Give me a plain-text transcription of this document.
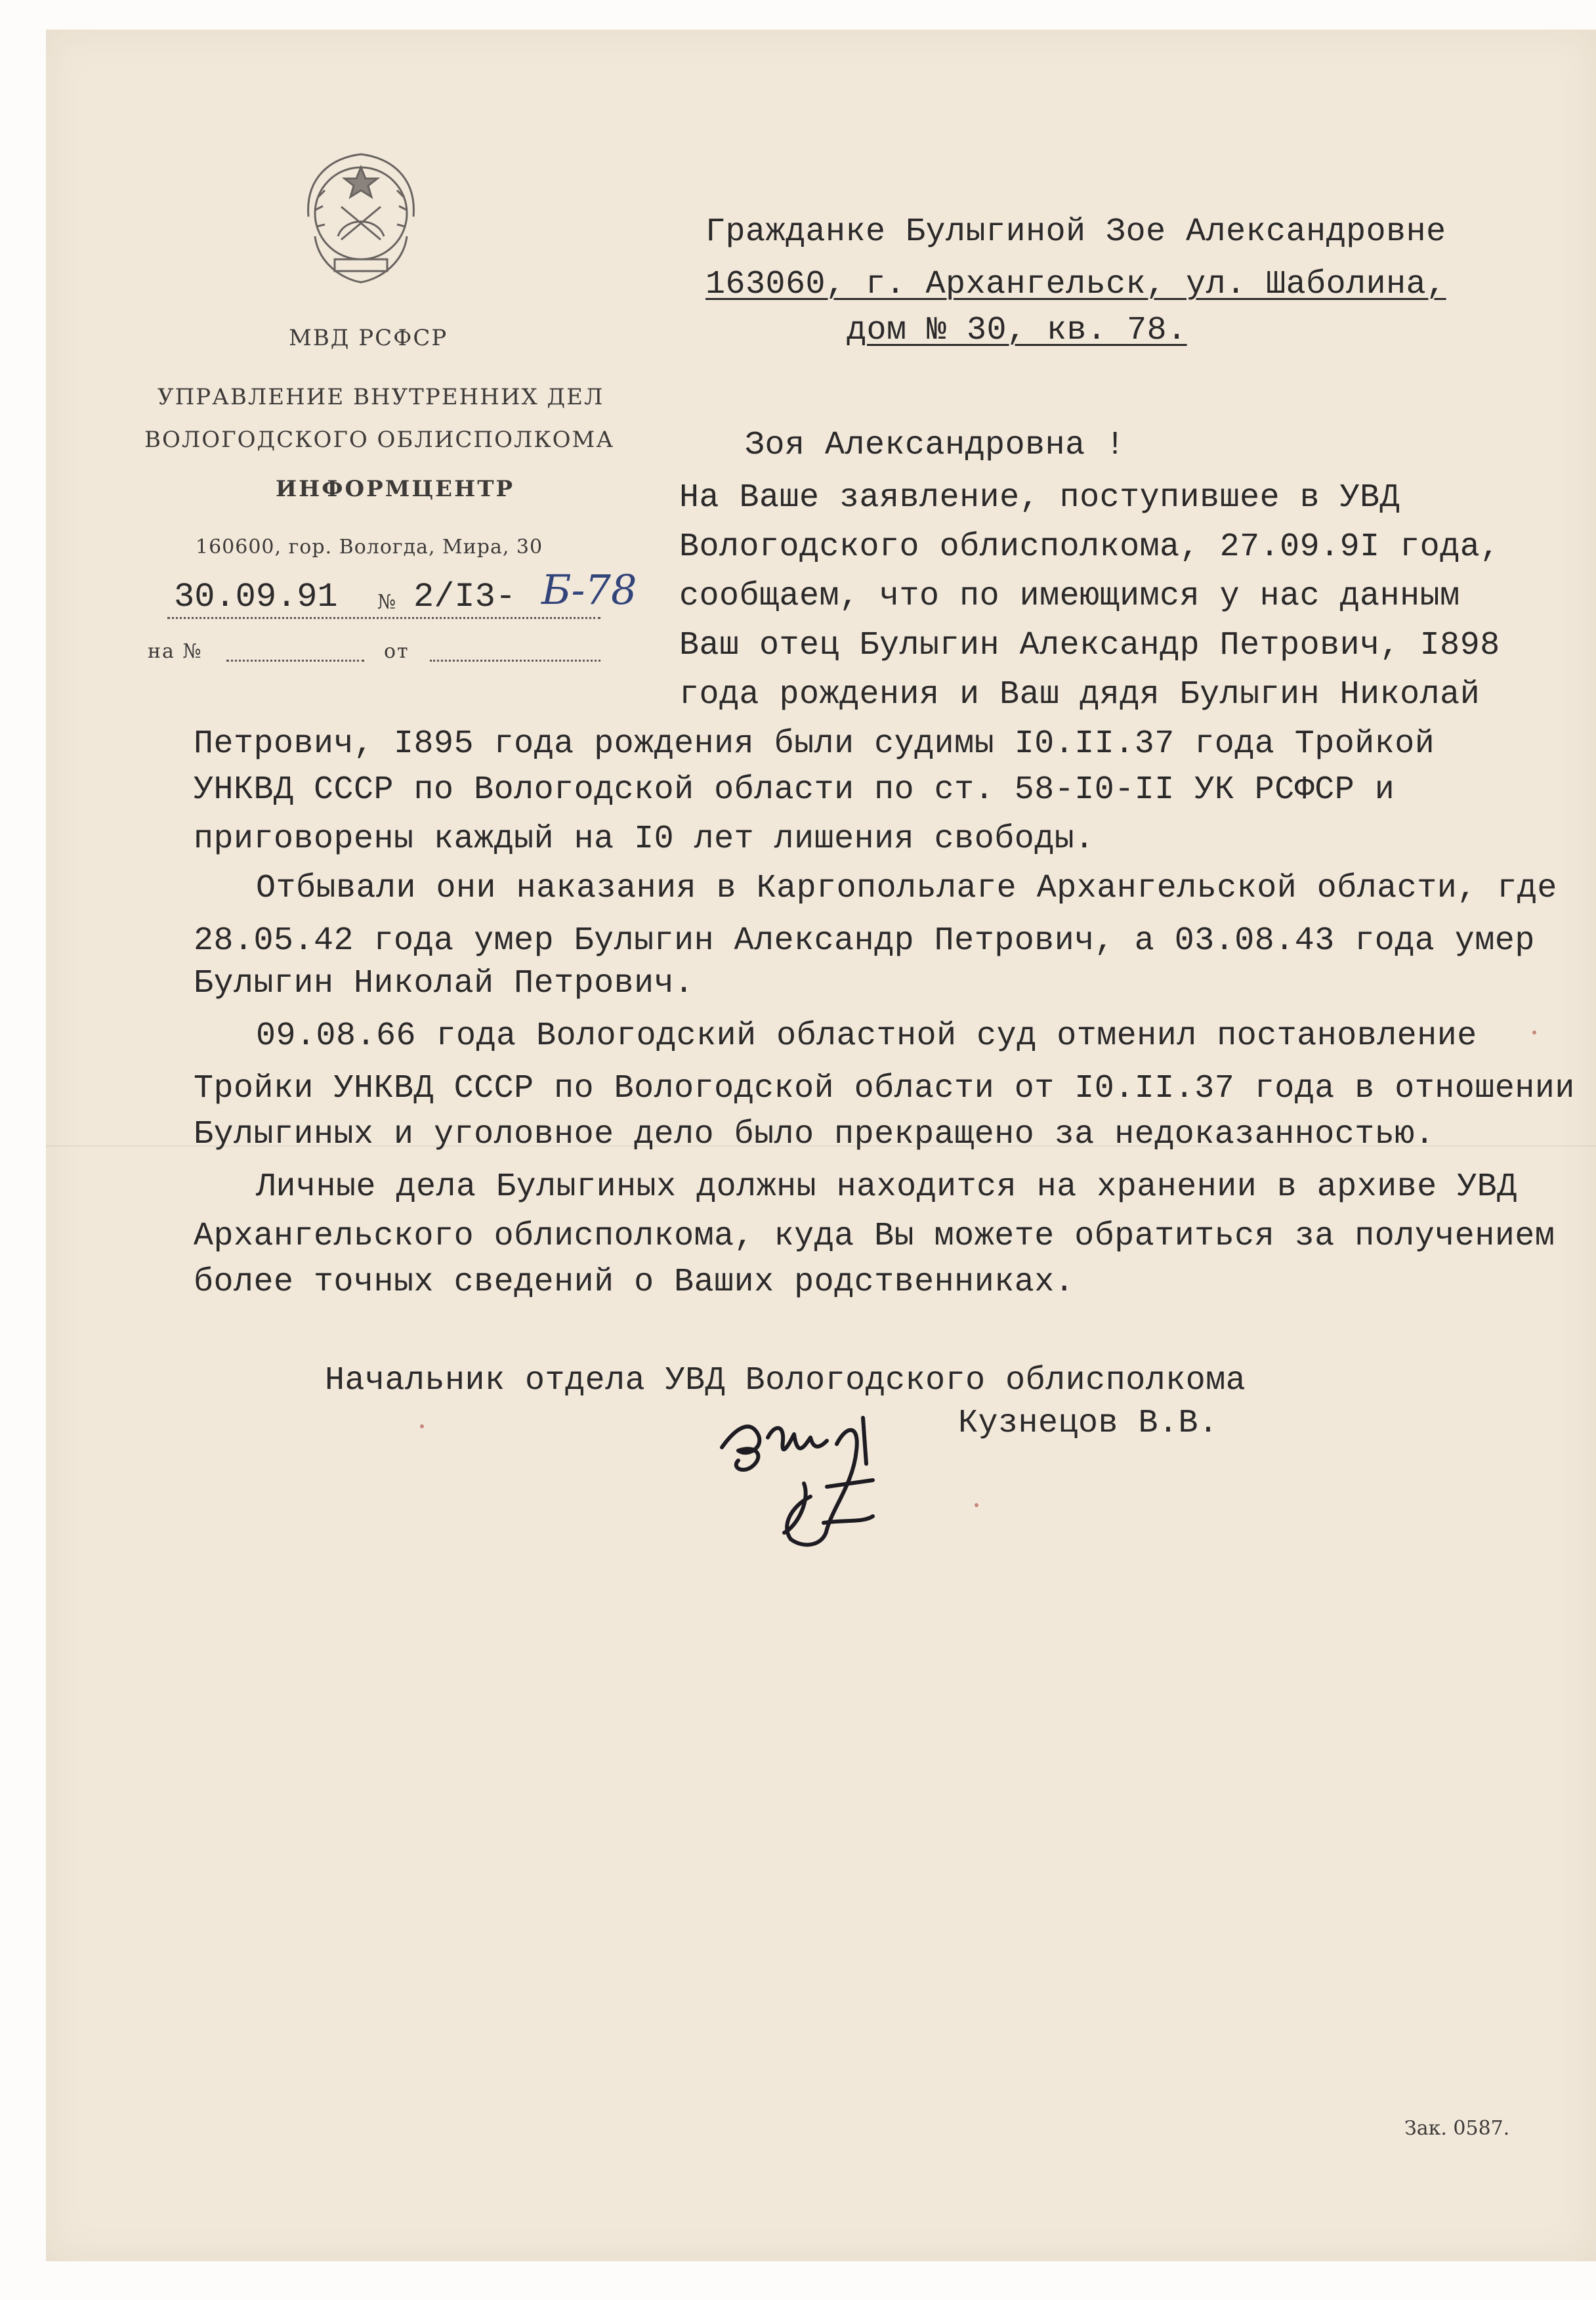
МВД РСФСР
УПРАВЛЕНИЕ ВНУТРЕННИХ ДЕЛ
ВОЛОГОДСКОГО ОБЛИСПОЛКОМА
ИНФОРМЦЕНТР
160600, гор. Вологда, Мира, 30
30.09.91 № 2/I3- Б-78
на №	от
Гражданке Булыгиной Зое Александровне
163060, г. Архангельск, ул. Шаболина,
дом № 30, кв. 78.
Зоя Александровна !
На Ваше заявление, поступившее в УВД
Вологодского облисполкома, 27.09.9I года,
сообщаем, что по имеющимся у нас данным
Ваш отец Булыгин Александр Петрович, I898
года рождения и Ваш дядя Булыгин Николай
Петрович, I895 года рождения были судимы I0.II.37 года Тройкой
УНКВД СССР по Вологодской области по ст. 58-I0-II УК РСФСР и
приговорены каждый на I0 лет лишения свободы.
Отбывали они наказания в Каргопольлаге Архангельской области, где
28.05.42 года умер Булыгин Александр Петрович, а 03.08.43 года умер
Булыгин Николай Петрович.
09.08.66 года Вологодский областной суд отменил постановление
Тройки УНКВД СССР по Вологодской области от I0.II.37 года в отношении
Булыгиных и уголовное дело было прекращено за недоказанностью.
Личные дела Булыгиных должны находится на хранении в архиве УВД
Архангельского облисполкома, куда Вы можете обратиться за получением
более точных сведений о Ваших родственниках.
Начальник отдела УВД Вологодского облисполкома
Кузнецов В.В.
Зак. 0587.
